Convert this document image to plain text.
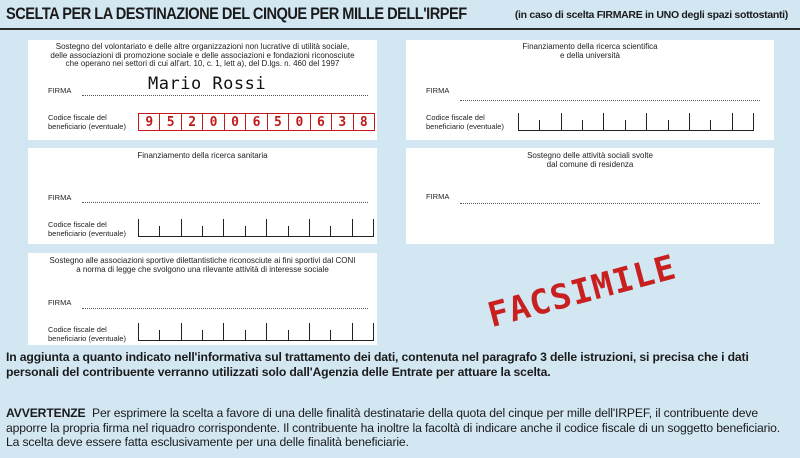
SCELTA PER LA DESTINAZIONE DEL CINQUE PER MILLE DELL'IRPEF	(in caso di scelta FIRMARE in UNO degli spazi sottostanti)
Sostegno del volontariato e delle altre organizzazioni non lucrative di utilità sociale,
delle associazioni di promozione sociale e delle associazioni e fondazioni riconosciute
che operano nei settori di cui all'art. 10, c. 1, lett a), del D.lgs. n. 460 del 1997
FIRMA	Mario Rossi
Codice fiscale del
beneficiario (eventuale) 9 5 2 0 0 6 5 0 6 3 8
Finanziamento della ricerca scientifica
e della università
FIRMA
Codice fiscale del
beneficiario (eventuale)
Finanziamento della ricerca sanitaria
FIRMA
Codice fiscale del
beneficiario (eventuale)
Sostegno delle attività sociali svolte
dal comune di residenza
FIRMA
Sostegno alle associazioni sportive dilettantistiche riconosciute ai fini sportivi dal CONI
a norma di legge che svolgono una rilevante attività di interesse sociale
FIRMA
Codice fiscale del
beneficiario (eventuale)
FACSIMILE
In aggiunta a quanto indicato nell'informativa sul trattamento dei dati, contenuta nel paragrafo 3 delle istruzioni, si precisa che i dati personali del contribuente verranno utilizzati solo dall'Agenzia delle Entrate per attuare la scelta.
AVVERTENZE Per esprimere la scelta a favore di una delle finalità destinatarie della quota del cinque per mille dell'IRPEF, il contribuente deve apporre la propria firma nel riquadro corrispondente. Il contribuente ha inoltre la facoltà di indicare anche il codice fiscale di un soggetto beneficiario. La scelta deve essere fatta esclusivamente per una delle finalità beneficiarie.
